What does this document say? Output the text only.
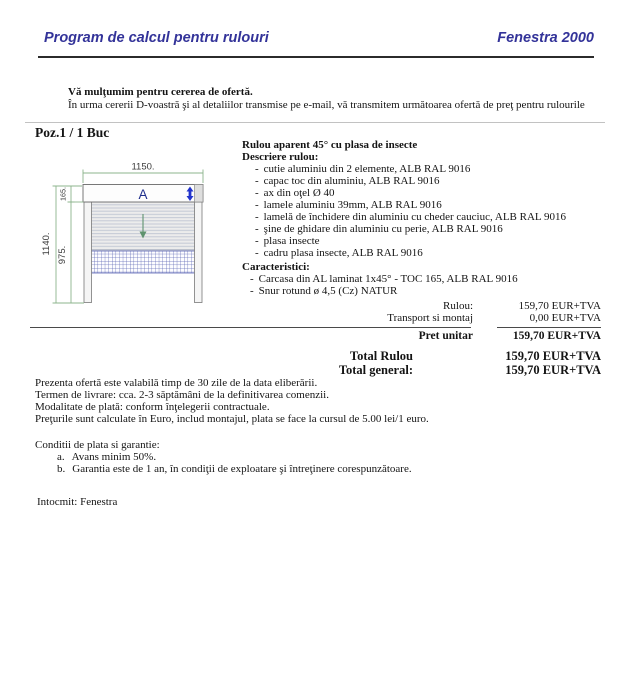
Program de calcul pentru rulouri	Fenestra 2000
Vă mulţumim pentru cererea de ofertă.
În urma cererii D-voastră şi al detaliilor transmise pe e-mail, vă transmitem următoarea ofertă de preţ pentru rulourile
Poz.1 / 1 Buc
A
1150.
1140. 975.
165.
Rulou aparent 45° cu plasa de insecte
Descriere rulou:
- cutie aluminiu din 2 elemente, ALB RAL 9016
- capac toc din aluminiu, ALB RAL 9016
- ax din oţel Ø 40
- lamele aluminiu 39mm, ALB RAL 9016
- lamelă de închidere din aluminiu cu cheder cauciuc, ALB RAL 9016
- şine de ghidare din aluminiu cu perie, ALB RAL 9016
- plasa insecte
- cadru plasa insecte, ALB RAL 9016
Caracteristici:
- Carcasa din AL laminat 1x45° - TOC 165, ALB RAL 9016
- Snur rotund ø 4,5 (Cz) NATUR
Rulou:	159,70 EUR+TVA
Transport si montaj	0,00 EUR+TVA
Pret unitar	159,70 EUR+TVA
Total Rulou	159,70 EUR+TVA
Total general:	159,70 EUR+TVA
Prezenta ofertă este valabilă timp de 30 zile de la data eliberării.
Termen de livrare: cca. 2-3 săptămâni de la definitivarea comenzii.
Modalitate de plată: conform înţelegerii contractuale.
Preţurile sunt calculate în Euro, includ montajul, plata se face la cursul de 5.00 lei/1 euro.
Conditii de plata si garantie:
a. Avans minim 50%.
b. Garantia este de 1 an, în condiţii de exploatare şi întreţinere corespunzătoare.
Intocmit: Fenestra
